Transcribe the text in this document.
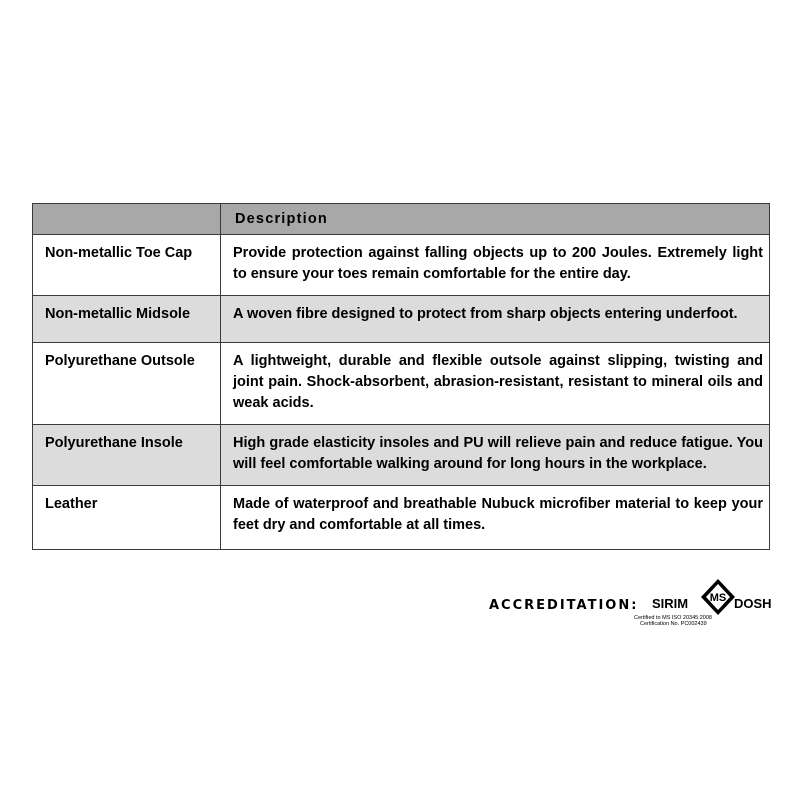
	Description
Non-metallic Toe Cap	Provide protection against falling objects up to 200 Joules. Extremely light to ensure your toes remain comfortable for the entire day.
Non-metallic Midsole	A woven fibre designed to protect from sharp objects entering underfoot.
Polyurethane Outsole	A lightweight, durable and flexible outsole against slipping, twisting and joint pain. Shock-absorbent, abrasion-resistant, resistant to mineral oils and weak acids.
Polyurethane Insole	High grade elasticity insoles and PU will relieve pain and reduce fatigue. You will feel comfortable walking around for long hours in the workplace.
Leather	Made of waterproof and breathable Nubuck microfiber material to keep your feet dry and comfortable at all times.
ACCREDITATION: SIRIM MS DOSH
Certified to MS ISO 20345:2008
Certification No. PC002439
